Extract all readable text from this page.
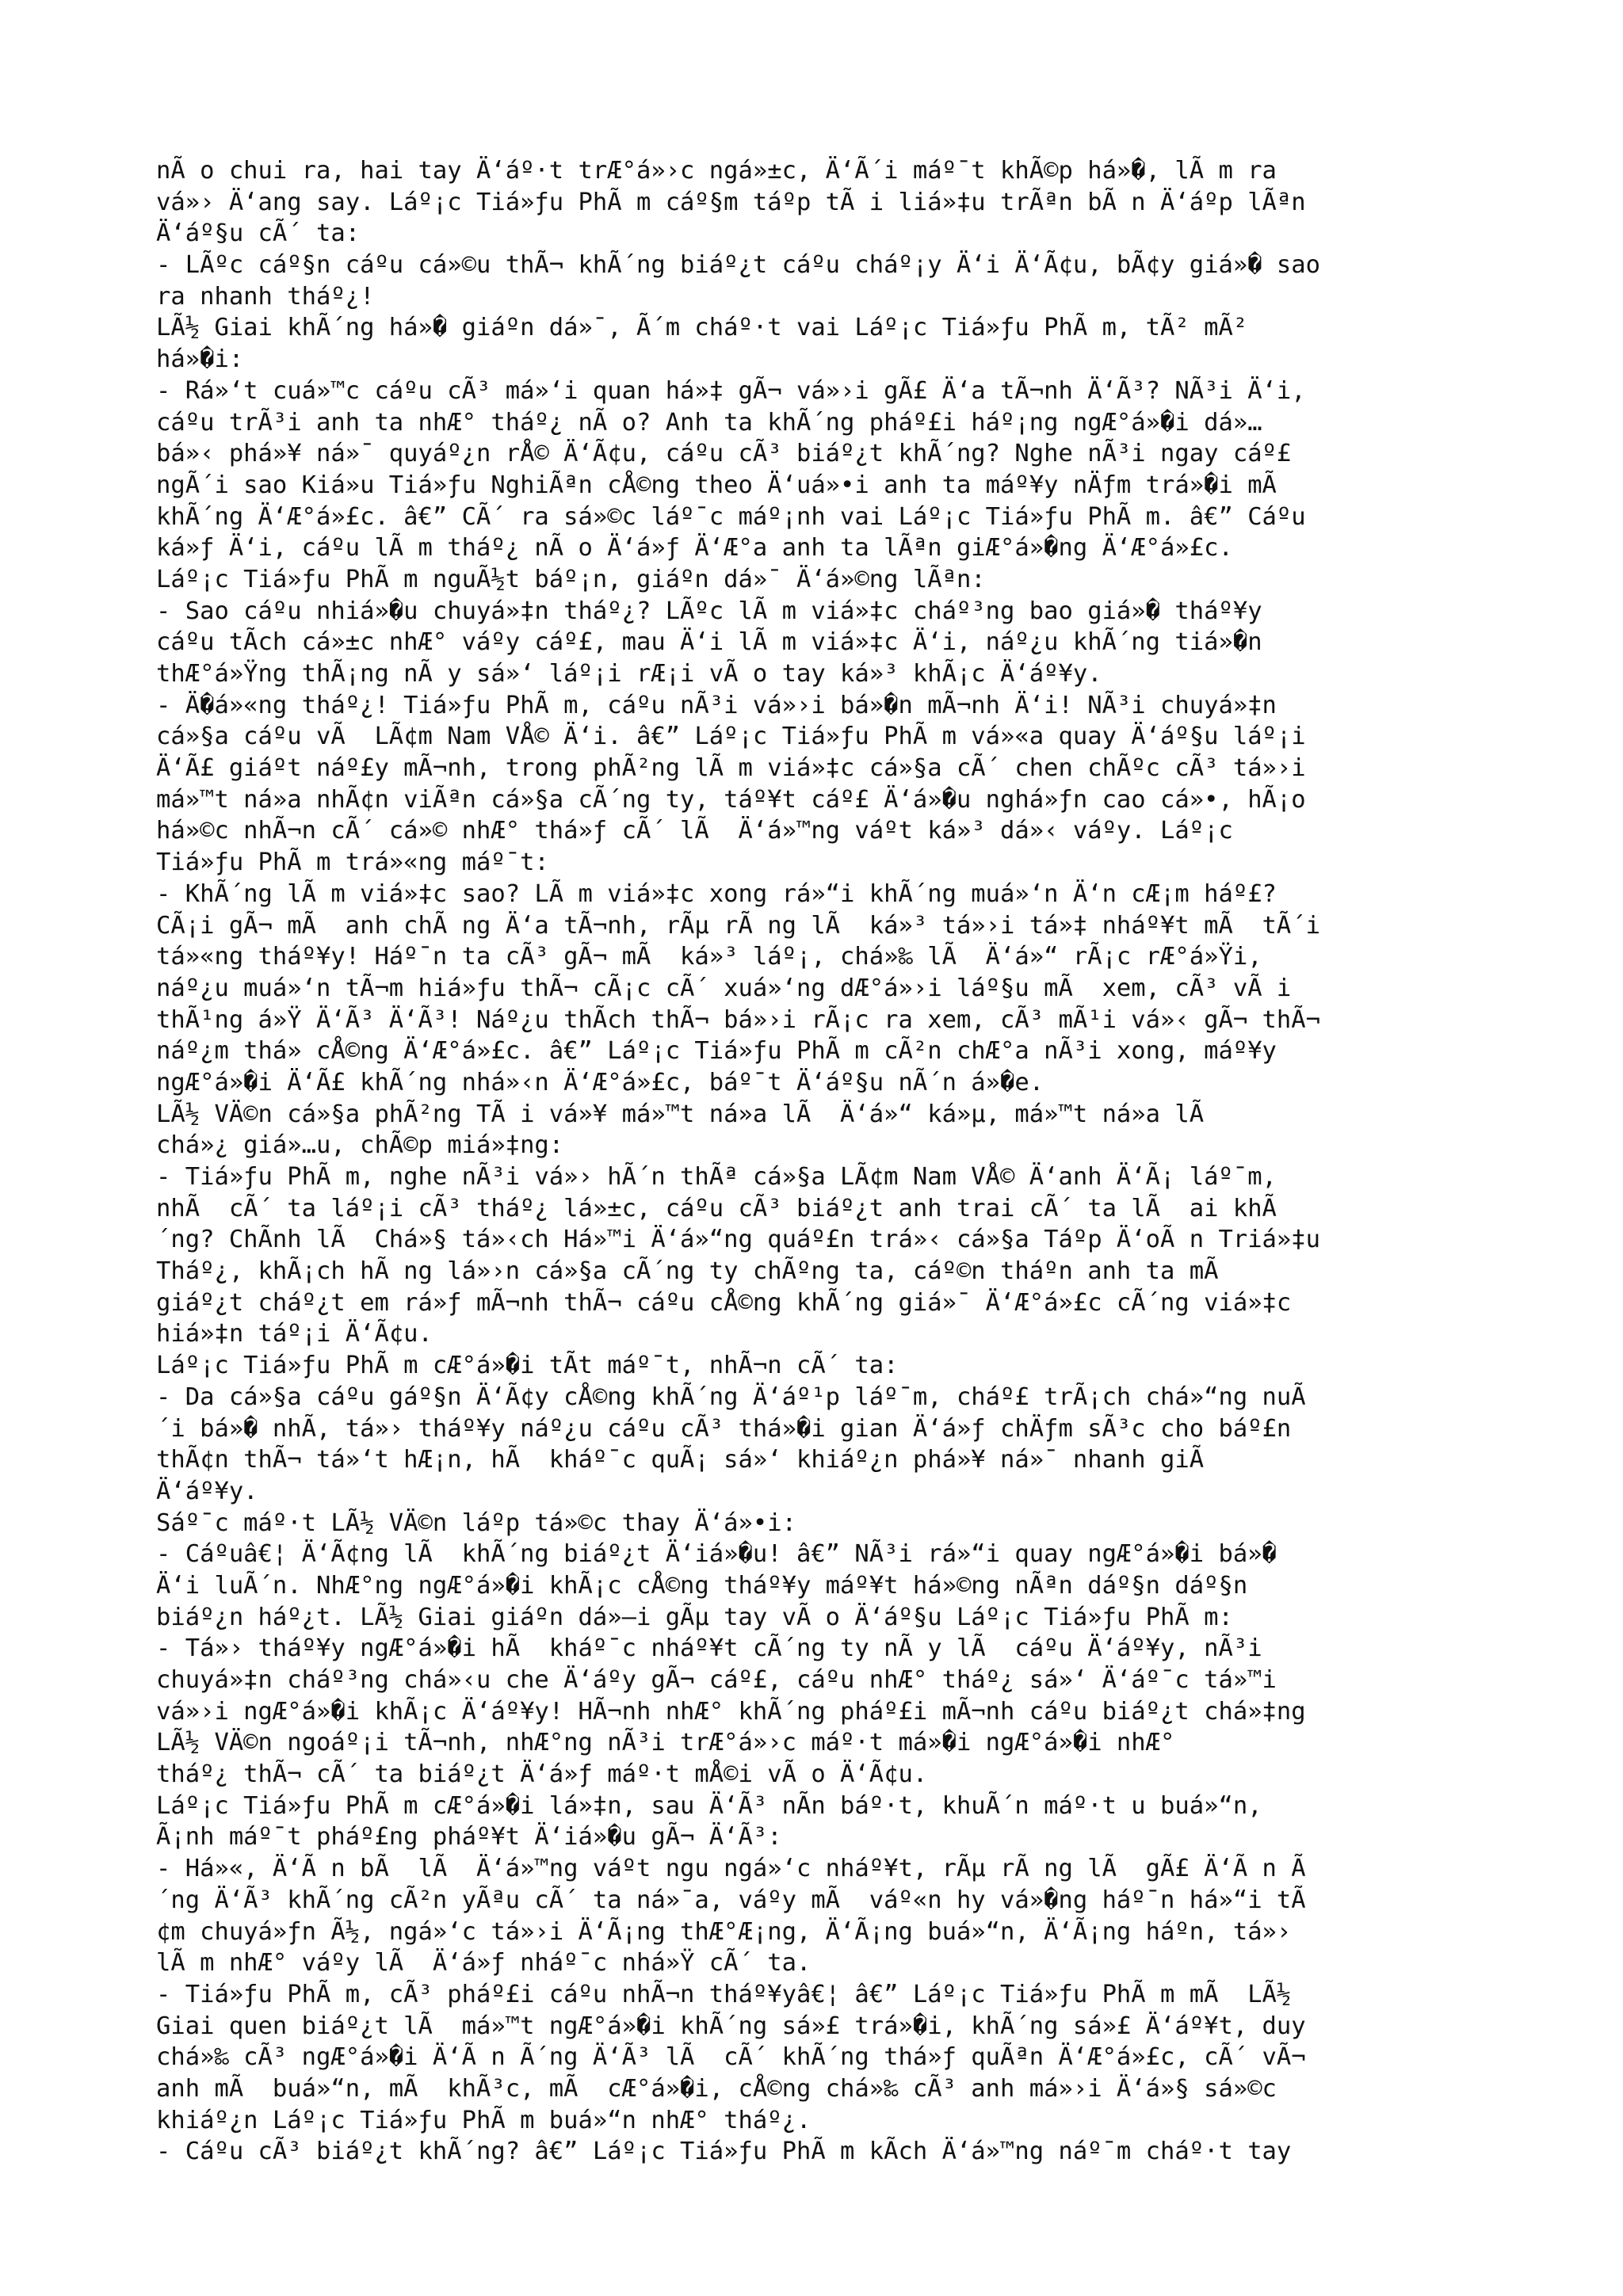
nÃ o chui ra, hai tay Ä‘áº·t trÆ°á»›c ngá»±c, Ä‘Ã´i máº¯t khÃ©p há»�, lÃ m ra
vá»› Ä‘ang say. Láº¡c Tiá»ƒu PhÃ m cáº§m táºp tÃ i liá»‡u trÃªn bÃ n Ä‘áºp lÃªn
Ä‘áº§u cÃ´ ta:
- LÃºc cáº§n cáºu cá»©u thÃ¬ khÃ´ng biáº¿t cáºu cháº¡y Ä‘i Ä‘Ã¢u, bÃ¢y giá»� sao
ra nhanh tháº¿!
LÃ½ Giai khÃ´ng há»� giáºn dá»¯, Ã´m cháº·t vai Láº¡c Tiá»ƒu PhÃ m, tÃ² mÃ²
há»�i:
- Rá»‘t cuá»™c cáºu cÃ³ má»‘i quan há»‡ gÃ¬ vá»›i gÃ£ Ä‘a tÃ¬nh Ä‘Ã³? NÃ³i Ä‘i,
cáºu trÃ³i anh ta nhÆ° tháº¿ nÃ o? Anh ta khÃ´ng pháº£i háº¡ng ngÆ°á»�i dá»…
bá»‹ phá»¥ ná»¯ quyáº¿n rÅ© Ä‘Ã¢u, cáºu cÃ³ biáº¿t khÃ´ng? Nghe nÃ³i ngay cáº£
ngÃ´i sao Kiá»u Tiá»ƒu NghiÃªn cÅ©ng theo Ä‘uá»•i anh ta máº¥y nÄƒm trá»�i mÃ
khÃ´ng Ä‘Æ°á»£c. â€” CÃ´ ra sá»©c láº¯c máº¡nh vai Láº¡c Tiá»ƒu PhÃ m. â€” Cáºu
ká»ƒ Ä‘i, cáºu lÃ m tháº¿ nÃ o Ä‘á»ƒ Ä‘Æ°a anh ta lÃªn giÆ°á»�ng Ä‘Æ°á»£c.
Láº¡c Tiá»ƒu PhÃ m nguÃ½t báº¡n, giáºn dá»¯ Ä‘á»©ng lÃªn:
- Sao cáºu nhiá»�u chuyá»‡n tháº¿? LÃºc lÃ m viá»‡c cháº³ng bao giá»� tháº¥y
cáºu tÃch cá»±c nhÆ° váºy cáº£, mau Ä‘i lÃ m viá»‡c Ä‘i, náº¿u khÃ´ng tiá»�n
thÆ°á»Ÿng thÃ¡ng nÃ y sá»‘ láº¡i rÆ¡i vÃ o tay ká»³ khÃ¡c Ä‘áº¥y.
- Ä�á»«ng tháº¿! Tiá»ƒu PhÃ m, cáºu nÃ³i vá»›i bá»�n mÃ¬nh Ä‘i! NÃ³i chuyá»‡n
cá»§a cáºu vÃ  LÃ¢m Nam VÅ© Ä‘i. â€” Láº¡c Tiá»ƒu PhÃ m vá»«a quay Ä‘áº§u láº¡i
Ä‘Ã£ giáºt náº£y mÃ¬nh, trong phÃ²ng lÃ m viá»‡c cá»§a cÃ´ chen chÃºc cÃ³ tá»›i
má»™t ná»a nhÃ¢n viÃªn cá»§a cÃ´ng ty, táº¥t cáº£ Ä‘á»�u nghá»ƒn cao cá»•, hÃ¡o
há»©c nhÃ¬n cÃ´ cá»© nhÆ° thá»ƒ cÃ´ lÃ  Ä‘á»™ng váºt ká»³ dá»‹ váºy. Láº¡c
Tiá»ƒu PhÃ m trá»«ng máº¯t:
- KhÃ´ng lÃ m viá»‡c sao? LÃ m viá»‡c xong rá»“i khÃ´ng muá»‘n Ä‘n cÆ¡m háº£?
CÃ¡i gÃ¬ mÃ  anh chÃ ng Ä‘a tÃ¬nh, rÃµ rÃ ng lÃ  ká»³ tá»›i tá»‡ nháº¥t mÃ  tÃ´i
tá»«ng tháº¥y! Háº¯n ta cÃ³ gÃ¬ mÃ  ká»³ láº¡, chá»‰ lÃ  Ä‘á»“ rÃ¡c rÆ°á»Ÿi,
náº¿u muá»‘n tÃ¬m hiá»ƒu thÃ¬ cÃ¡c cÃ´ xuá»‘ng dÆ°á»›i láº§u mÃ  xem, cÃ³ vÃ i
thÃ¹ng á»Ÿ Ä‘Ã³ Ä‘Ã³! Náº¿u thÃch thÃ¬ bá»›i rÃ¡c ra xem, cÃ³ mÃ¹i vá»‹ gÃ¬ thÃ¬
náº¿m thá» cÅ©ng Ä‘Æ°á»£c. â€” Láº¡c Tiá»ƒu PhÃ m cÃ²n chÆ°a nÃ³i xong, máº¥y
ngÆ°á»�i Ä‘Ã£ khÃ´ng nhá»‹n Ä‘Æ°á»£c, báº¯t Ä‘áº§u nÃ´n á»�e.
LÃ½ VÄ©n cá»§a phÃ²ng TÃ i vá»¥ má»™t ná»a lÃ  Ä‘á»“ ká»µ, má»™t ná»a lÃ
chá»¿ giá»…u, chÃ©p miá»‡ng:
- Tiá»ƒu PhÃ m, nghe nÃ³i vá»› hÃ´n thÃª cá»§a LÃ¢m Nam VÅ© Ä‘anh Ä‘Ã¡ láº¯m,
nhÃ  cÃ´ ta láº¡i cÃ³ tháº¿ lá»±c, cáºu cÃ³ biáº¿t anh trai cÃ´ ta lÃ  ai khÃ
´ng? ChÃnh lÃ  Chá»§ tá»‹ch Há»™i Ä‘á»“ng quáº£n trá»‹ cá»§a Táºp Ä‘oÃ n Triá»‡u
Tháº¿, khÃ¡ch hÃ ng lá»›n cá»§a cÃ´ng ty chÃºng ta, cáº©n tháºn anh ta mÃ
giáº¿t cháº¿t em rá»ƒ mÃ¬nh thÃ¬ cáºu cÅ©ng khÃ´ng giá»¯ Ä‘Æ°á»£c cÃ´ng viá»‡c
hiá»‡n táº¡i Ä‘Ã¢u.
Láº¡c Tiá»ƒu PhÃ m cÆ°á»�i tÃt máº¯t, nhÃ¬n cÃ´ ta:
- Da cá»§a cáºu gáº§n Ä‘Ã¢y cÅ©ng khÃ´ng Ä‘áº¹p láº¯m, cháº£ trÃ¡ch chá»“ng nuÃ
´i bá»� nhÃ, tá»› tháº¥y náº¿u cáºu cÃ³ thá»�i gian Ä‘á»ƒ chÄƒm sÃ³c cho báº£n
thÃ¢n thÃ¬ tá»‘t hÆ¡n, hÃ  kháº¯c quÃ¡ sá»‘ khiáº¿n phá»¥ ná»¯ nhanh giÃ
Ä‘áº¥y.
Sáº¯c máº·t LÃ½ VÄ©n láºp tá»©c thay Ä‘á»•i:
- Cáºuâ€¦ Ä‘Ã¢ng lÃ  khÃ´ng biáº¿t Ä‘iá»�u! â€” NÃ³i rá»“i quay ngÆ°á»�i bá»�
Ä‘i luÃ´n. NhÆ°ng ngÆ°á»�i khÃ¡c cÅ©ng tháº¥y máº¥t há»©ng nÃªn dáº§n dáº§n
biáº¿n háº¿t. LÃ½ Giai giáºn dá»—i gÃµ tay vÃ o Ä‘áº§u Láº¡c Tiá»ƒu PhÃ m:
- Tá»› tháº¥y ngÆ°á»�i hÃ  kháº¯c nháº¥t cÃ´ng ty nÃ y lÃ  cáºu Ä‘áº¥y, nÃ³i
chuyá»‡n cháº³ng chá»‹u che Ä‘áºy gÃ¬ cáº£, cáºu nhÆ° tháº¿ sá»‘ Ä‘áº¯c tá»™i
vá»›i ngÆ°á»�i khÃ¡c Ä‘áº¥y! HÃ¬nh nhÆ° khÃ´ng pháº£i mÃ¬nh cáºu biáº¿t chá»‡ng
LÃ½ VÄ©n ngoáº¡i tÃ¬nh, nhÆ°ng nÃ³i trÆ°á»›c máº·t má»�i ngÆ°á»�i nhÆ°
tháº¿ thÃ¬ cÃ´ ta biáº¿t Ä‘á»ƒ máº·t mÅ©i vÃ o Ä‘Ã¢u.
Láº¡c Tiá»ƒu PhÃ m cÆ°á»�i lá»‡n, sau Ä‘Ã³ nÃn báº·t, khuÃ´n máº·t u buá»“n,
Ã¡nh máº¯t pháº£ng pháº¥t Ä‘iá»�u gÃ¬ Ä‘Ã³:
- Há»«, Ä‘Ã n bÃ  lÃ  Ä‘á»™ng váºt ngu ngá»‘c nháº¥t, rÃµ rÃ ng lÃ  gÃ£ Ä‘Ã n Ã
´ng Ä‘Ã³ khÃ´ng cÃ²n yÃªu cÃ´ ta ná»¯a, váºy mÃ  váº«n hy vá»�ng háº¯n há»“i tÃ
¢m chuyá»ƒn Ã½, ngá»‘c tá»›i Ä‘Ã¡ng thÆ°Æ¡ng, Ä‘Ã¡ng buá»“n, Ä‘Ã¡ng háºn, tá»›
lÃ m nhÆ° váºy lÃ  Ä‘á»ƒ nháº¯c nhá»Ÿ cÃ´ ta.
- Tiá»ƒu PhÃ m, cÃ³ pháº£i cáºu nhÃ¬n tháº¥yâ€¦ â€” Láº¡c Tiá»ƒu PhÃ m mÃ  LÃ½
Giai quen biáº¿t lÃ  má»™t ngÆ°á»�i khÃ´ng sá»£ trá»�i, khÃ´ng sá»£ Ä‘áº¥t, duy
chá»‰ cÃ³ ngÆ°á»�i Ä‘Ã n Ã´ng Ä‘Ã³ lÃ  cÃ´ khÃ´ng thá»ƒ quÃªn Ä‘Æ°á»£c, cÃ´ vÃ¬
anh mÃ  buá»“n, mÃ  khÃ³c, mÃ  cÆ°á»�i, cÅ©ng chá»‰ cÃ³ anh má»›i Ä‘á»§ sá»©c
khiáº¿n Láº¡c Tiá»ƒu PhÃ m buá»“n nhÆ° tháº¿.
- Cáºu cÃ³ biáº¿t khÃ´ng? â€” Láº¡c Tiá»ƒu PhÃ m kÃch Ä‘á»™ng náº¯m cháº·t tay
